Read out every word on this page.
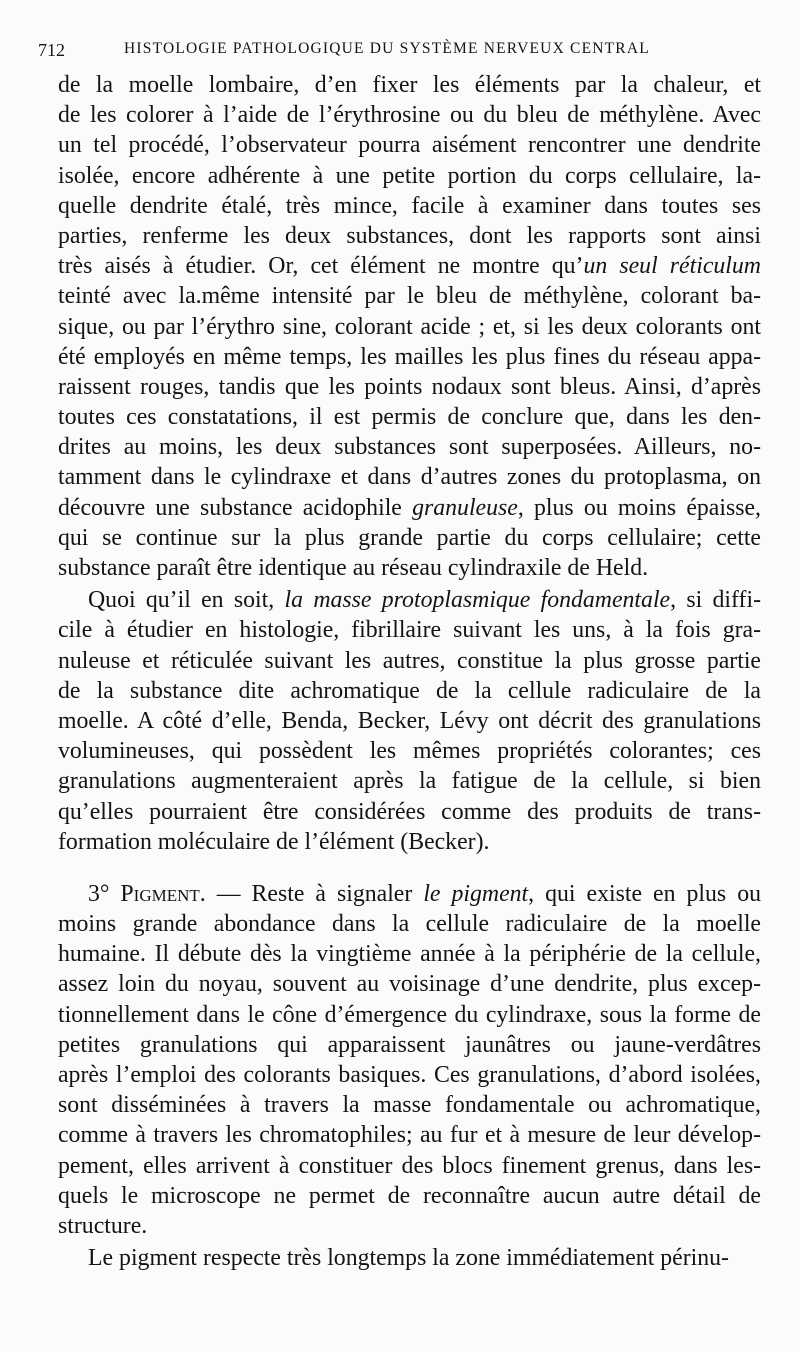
712	HISTOLOGIE PATHOLOGIQUE DU SYSTÈME NERVEUX CENTRAL
de la moelle lombaire, d’en fixer les éléments par la chaleur, et
de les colorer à l’aide de l’érythrosine ou du bleu de méthylène. Avec
un tel procédé, l’observateur pourra aisément rencontrer une dendrite
isolée, encore adhérente à une petite portion du corps cellulaire, la-
quelle dendrite étalé, très mince, facile à examiner dans toutes ses
parties, renferme les deux substances, dont les rapports sont ainsi
très aisés à étudier. Or, cet élément ne montre qu’un seul réticulum
teinté avec la.même intensité par le bleu de méthylène, colorant ba-
sique, ou par l’érythro sine, colorant acide ; et, si les deux colorants ont
été employés en même temps, les mailles les plus fines du réseau appa-
raissent rouges, tandis que les points nodaux sont bleus. Ainsi, d’après
toutes ces constatations, il est permis de conclure que, dans les den-
drites au moins, les deux substances sont superposées. Ailleurs, no-
tamment dans le cylindraxe et dans d’autres zones du protoplasma, on
découvre une substance acidophile granuleuse, plus ou moins épaisse,
qui se continue sur la plus grande partie du corps cellulaire; cette
substance paraît être identique au réseau cylindraxile de Held.
Quoi qu’il en soit, la masse protoplasmique fondamentale, si diffi-
cile à étudier en histologie, fibrillaire suivant les uns, à la fois gra-
nuleuse et réticulée suivant les autres, constitue la plus grosse partie
de la substance dite achromatique de la cellule radiculaire de la
moelle. A côté d’elle, Benda, Becker, Lévy ont décrit des granulations
volumineuses, qui possèdent les mêmes propriétés colorantes; ces
granulations augmenteraient après la fatigue de la cellule, si bien
qu’elles pourraient être considérées comme des produits de trans-
formation moléculaire de l’élément (Becker).
3° Pigment. — Reste à signaler le pigment, qui existe en plus ou
moins grande abondance dans la cellule radiculaire de la moelle
humaine. Il débute dès la vingtième année à la périphérie de la cellule,
assez loin du noyau, souvent au voisinage d’une dendrite, plus excep-
tionnellement dans le cône d’émergence du cylindraxe, sous la forme de
petites granulations qui apparaissent jaunâtres ou jaune-verdâtres
après l’emploi des colorants basiques. Ces granulations, d’abord isolées,
sont disséminées à travers la masse fondamentale ou achromatique,
comme à travers les chromatophiles; au fur et à mesure de leur dévelop-
pement, elles arrivent à constituer des blocs finement grenus, dans les-
quels le microscope ne permet de reconnaître aucun autre détail de
structure.
Le pigment respecte très longtemps la zone immédiatement périnu-
